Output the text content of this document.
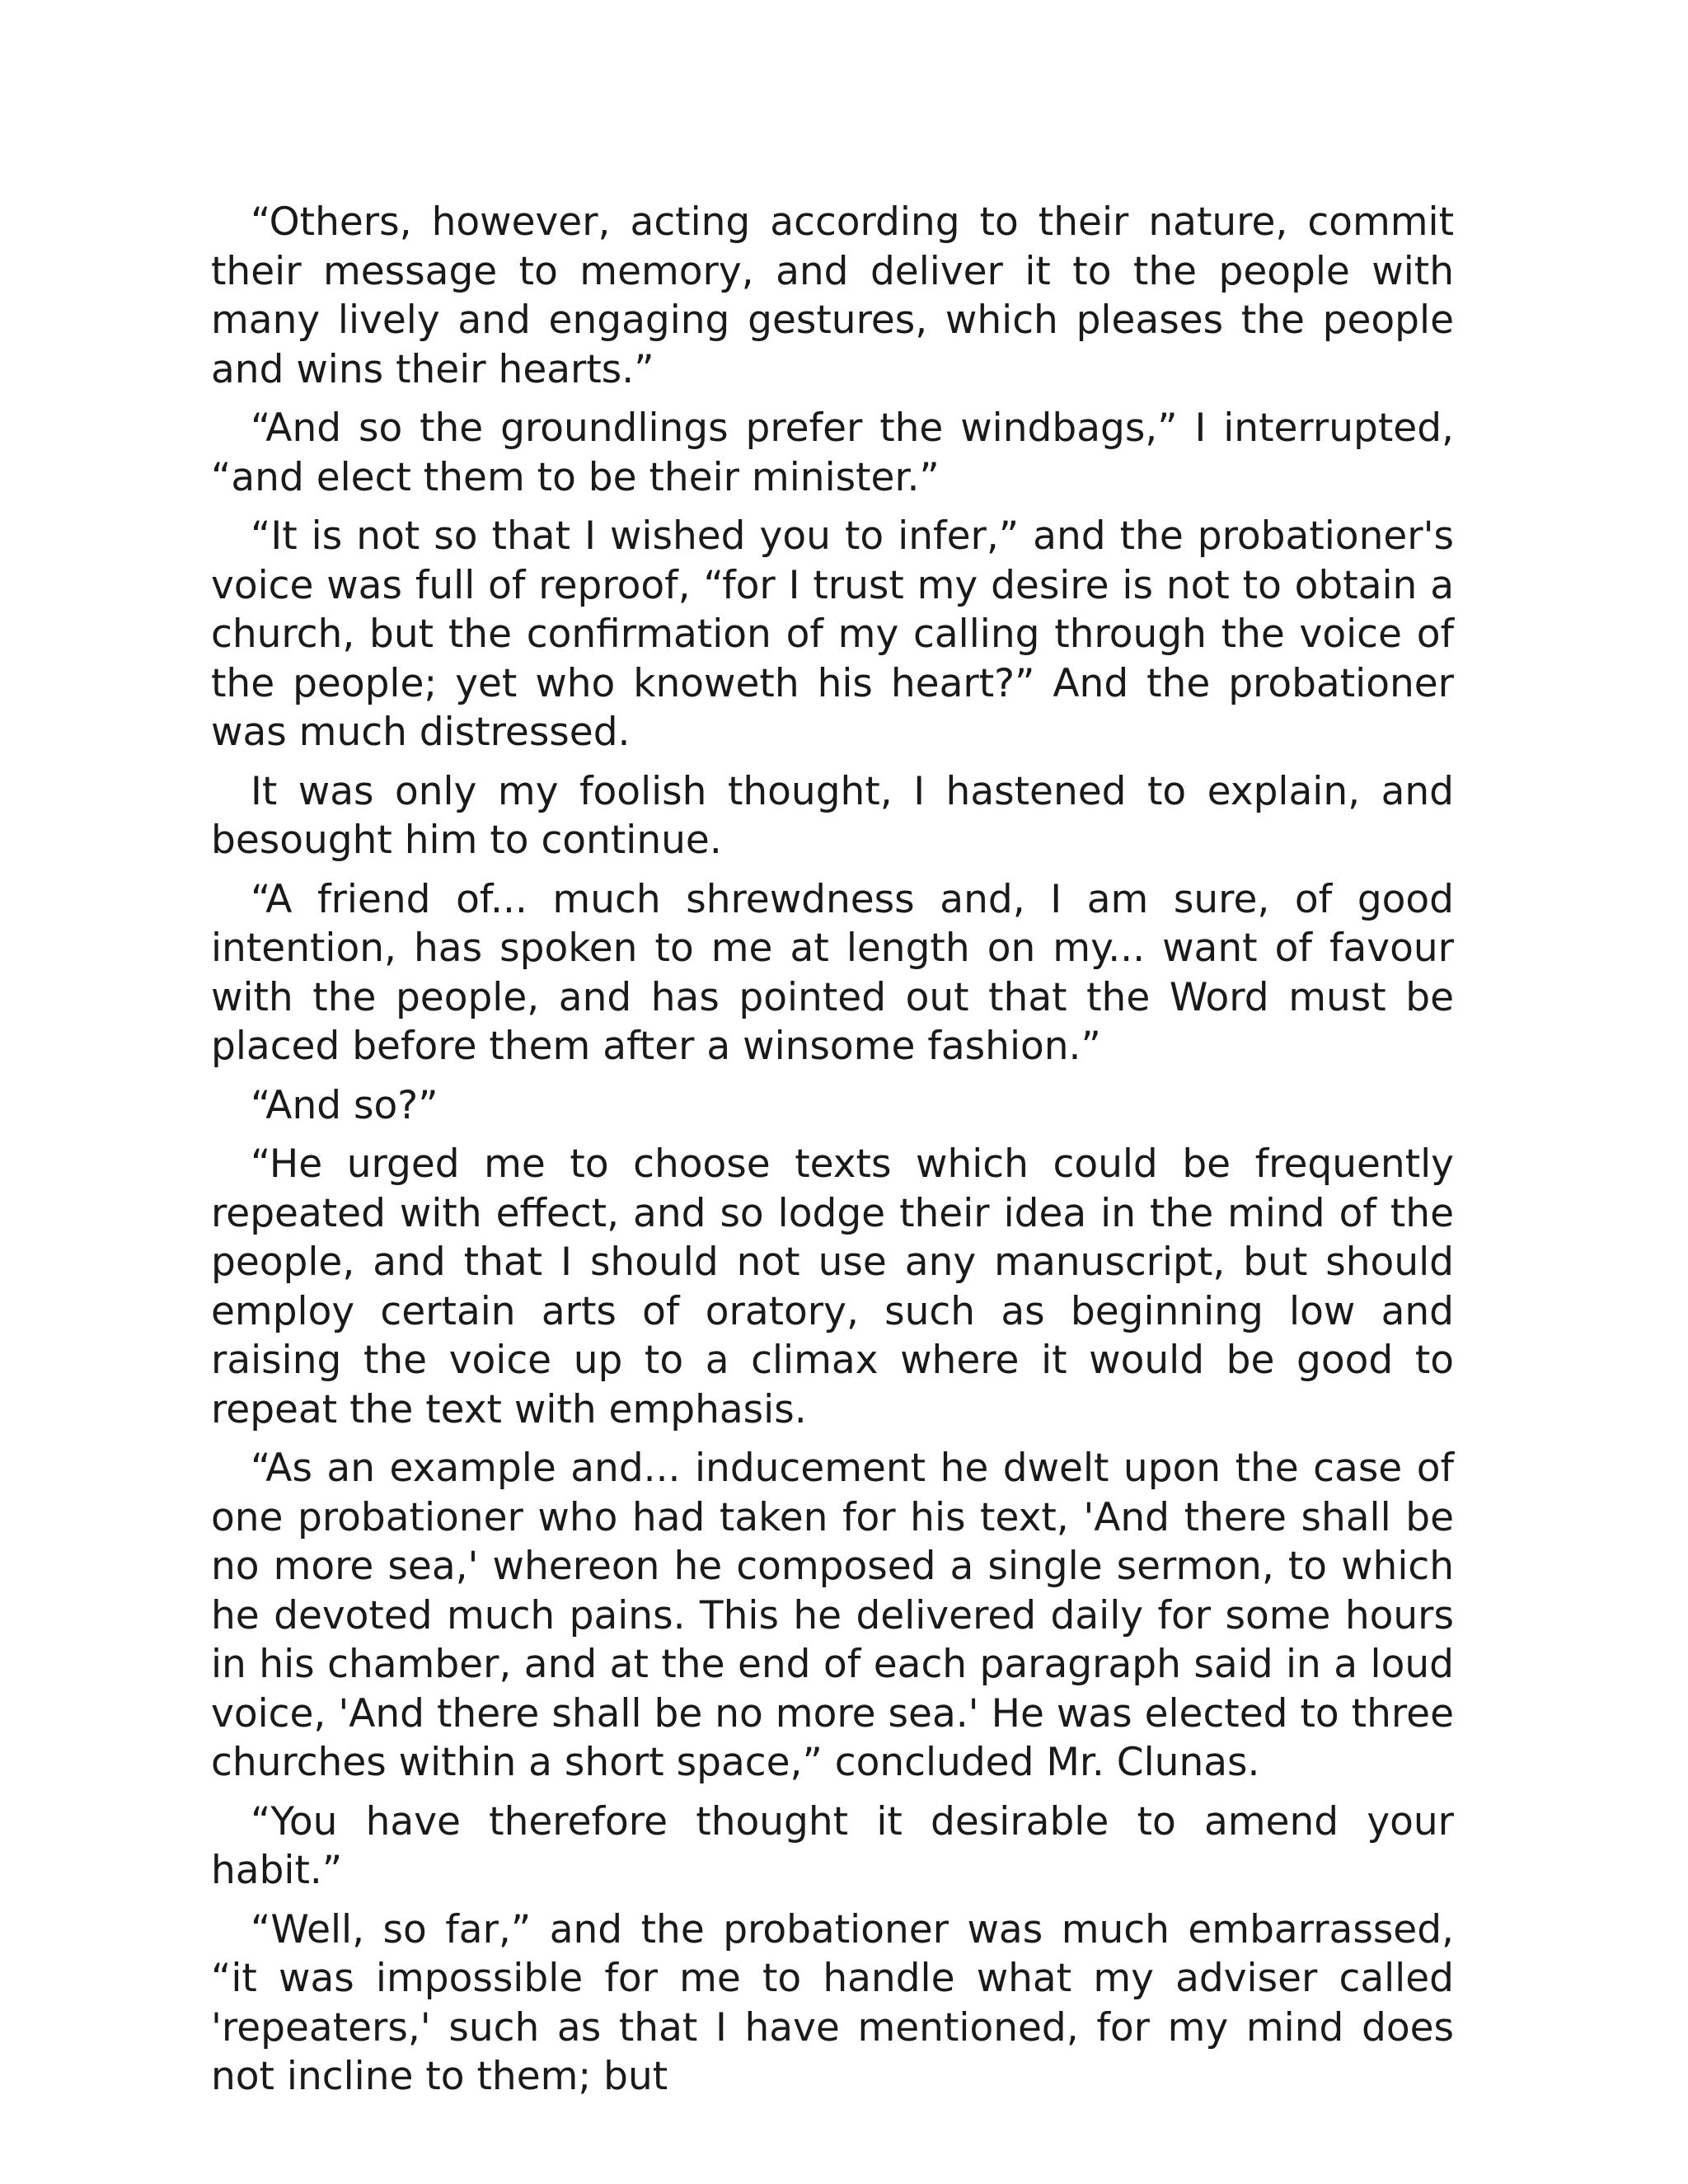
“Others, however, acting according to their nature, commit their message to memory, and deliver it to the people with many lively and engaging gestures, which pleases the people and wins their hearts.”

“And so the groundlings prefer the windbags,” I interrupted, “and elect them to be their minister.”

“It is not so that I wished you to infer,” and the probationer's voice was full of reproof, “for I trust my desire is not to obtain a church, but the confirmation of my calling through the voice of the people; yet who knoweth his heart?” And the probationer was much distressed.

It was only my foolish thought, I hastened to explain, and besought him to continue.

“A friend of... much shrewdness and, I am sure, of good intention, has spoken to me at length on my... want of favour with the people, and has pointed out that the Word must be placed before them after a winsome fashion.”

“And so?”

“He urged me to choose texts which could be frequently repeated with effect, and so lodge their idea in the mind of the people, and that I should not use any manuscript, but should employ certain arts of oratory, such as beginning low and raising the voice up to a climax where it would be good to repeat the text with emphasis.

“As an example and... inducement he dwelt upon the case of one probationer who had taken for his text, 'And there shall be no more sea,' whereon he composed a single sermon, to which he devoted much pains. This he delivered daily for some hours in his chamber, and at the end of each paragraph said in a loud voice, 'And there shall be no more sea.' He was elected to three churches within a short space,” concluded Mr. Clunas.

“You have therefore thought it desirable to amend your habit.”

“Well, so far,” and the probationer was much embarrassed, “it was impossible for me to handle what my adviser called 'repeaters,' such as that I have mentioned, for my mind does not incline to them; but
